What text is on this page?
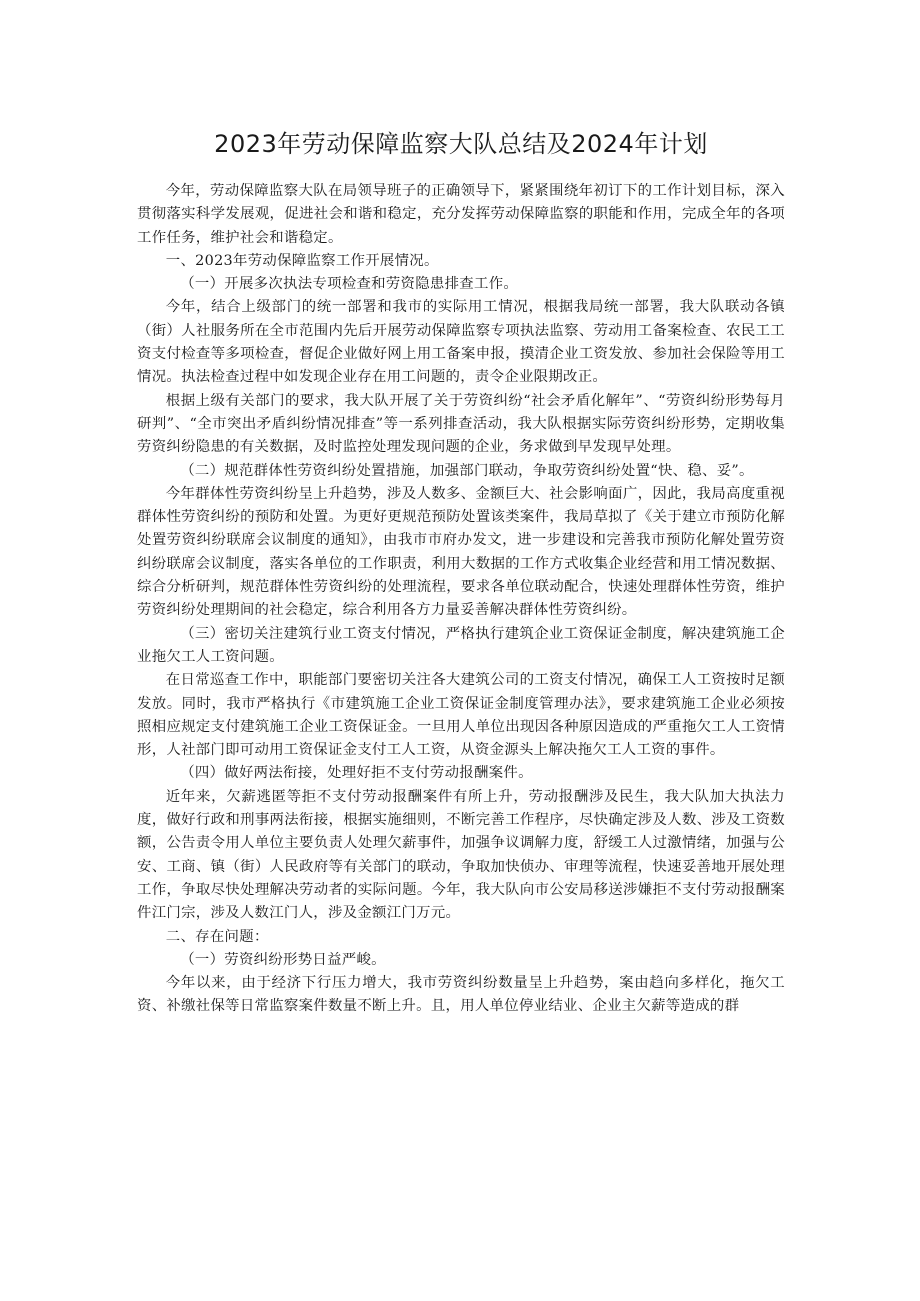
2023年劳动保障监察大队总结及2024年计划

今年，劳动保障监察大队在局领导班子的正确领导下，紧紧围绕年初订下的工作计划目标，深入贯彻落实科学发展观，促进社会和谐和稳定，充分发挥劳动保障监察的职能和作用，完成全年的各项工作任务，维护社会和谐稳定。

一、2023年劳动保障监察工作开展情况。

（一）开展多次执法专项检查和劳资隐患排查工作。

今年，结合上级部门的统一部署和我市的实际用工情况，根据我局统一部署，我大队联动各镇（街）人社服务所在全市范围内先后开展劳动保障监察专项执法监察、劳动用工备案检查、农民工工资支付检查等多项检查，督促企业做好网上用工备案申报，摸清企业工资发放、参加社会保险等用工情况。执法检查过程中如发现企业存在用工问题的，责令企业限期改正。

根据上级有关部门的要求，我大队开展了关于劳资纠纷“社会矛盾化解年”、“劳资纠纷形势每月研判”、“全市突出矛盾纠纷情况排查”等一系列排查活动，我大队根据实际劳资纠纷形势，定期收集劳资纠纷隐患的有关数据，及时监控处理发现问题的企业，务求做到早发现早处理。

（二）规范群体性劳资纠纷处置措施，加强部门联动，争取劳资纠纷处置“快、稳、妥”。

今年群体性劳资纠纷呈上升趋势，涉及人数多、金额巨大、社会影响面广，因此，我局高度重视群体性劳资纠纷的预防和处置。为更好更规范预防处置该类案件，我局草拟了《关于建立市预防化解处置劳资纠纷联席会议制度的通知》，由我市市府办发文，进一步建设和完善我市预防化解处置劳资纠纷联席会议制度，落实各单位的工作职责，利用大数据的工作方式收集企业经营和用工情况数据、综合分析研判，规范群体性劳资纠纷的处理流程，要求各单位联动配合，快速处理群体性劳资，维护劳资纠纷处理期间的社会稳定，综合利用各方力量妥善解决群体性劳资纠纷。

（三）密切关注建筑行业工资支付情况，严格执行建筑企业工资保证金制度，解决建筑施工企业拖欠工人工资问题。

在日常巡查工作中，职能部门要密切关注各大建筑公司的工资支付情况，确保工人工资按时足额发放。同时，我市严格执行《市建筑施工企业工资保证金制度管理办法》，要求建筑施工企业必须按照相应规定支付建筑施工企业工资保证金。一旦用人单位出现因各种原因造成的严重拖欠工人工资情形，人社部门即可动用工资保证金支付工人工资，从资金源头上解决拖欠工人工资的事件。

（四）做好两法衔接，处理好拒不支付劳动报酬案件。

近年来，欠薪逃匿等拒不支付劳动报酬案件有所上升，劳动报酬涉及民生，我大队加大执法力度，做好行政和刑事两法衔接，根据实施细则，不断完善工作程序，尽快确定涉及人数、涉及工资数额，公告责令用人单位主要负责人处理欠薪事件，加强争议调解力度，舒缓工人过激情绪，加强与公安、工商、镇（街）人民政府等有关部门的联动，争取加快侦办、审理等流程，快速妥善地开展处理工作，争取尽快处理解决劳动者的实际问题。今年，我大队向市公安局移送涉嫌拒不支付劳动报酬案件江门宗，涉及人数江门人，涉及金额江门万元。

二、存在问题：

（一）劳资纠纷形势日益严峻。

今年以来，由于经济下行压力增大，我市劳资纠纷数量呈上升趋势，案由趋向多样化，拖欠工资、补缴社保等日常监察案件数量不断上升。且，用人单位停业结业、企业主欠薪等造成的群
